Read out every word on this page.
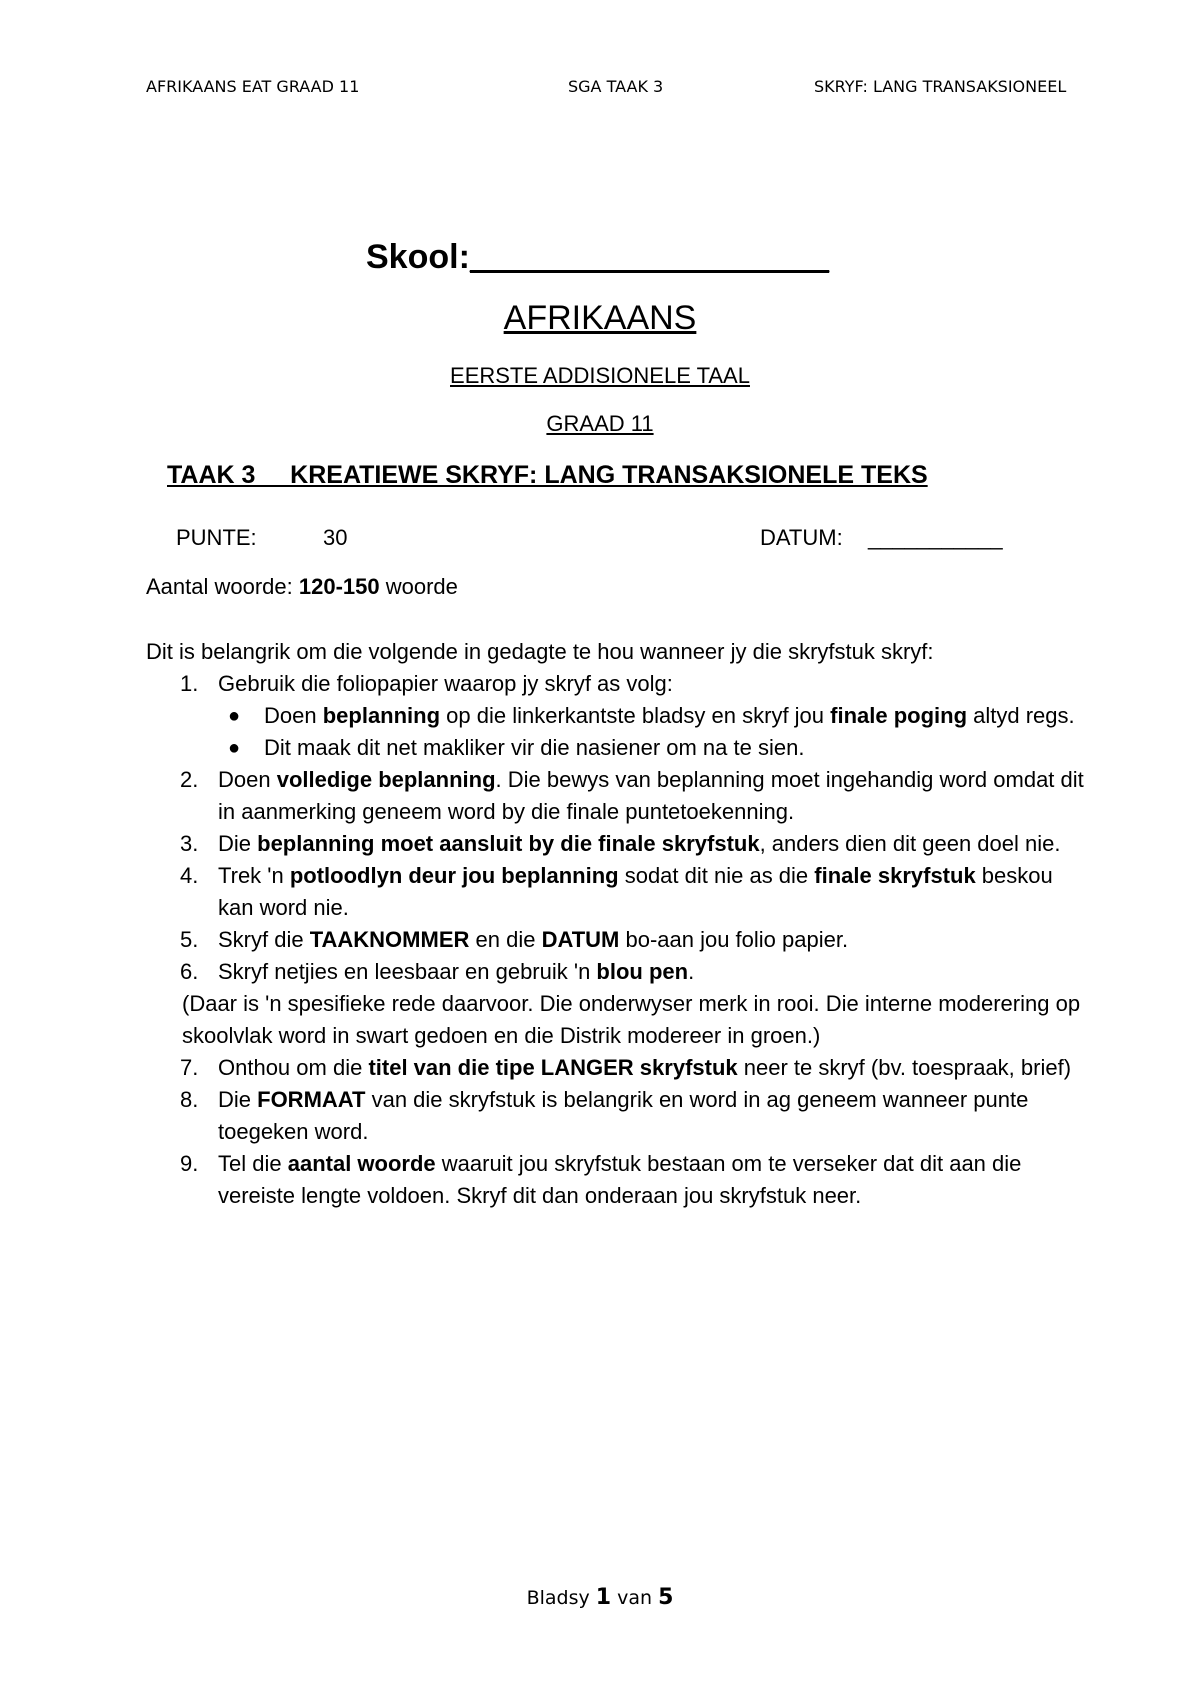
AFRIKAANS EAT GRAAD 11	SGA TAAK 3	SKRYF: LANG TRANSAKSIONEEL
Skool:___________________
AFRIKAANS
EERSTE ADDISIONELE TAAL
GRAAD 11
TAAK 3     KREATIEWE SKRYF: LANG TRANSAKSIONELE TEKS
PUNTE:	30	DATUM: ___________
Aantal woorde: 120-150 woorde

Dit is belangrik om die volgende in gedagte te hou wanneer jy die skryfstuk skryf:

1. Gebruik die foliopapier waarop jy skryf as volg:

● Doen beplanning op die linkerkantste bladsy en skryf jou finale poging altyd regs.

● Dit maak dit net makliker vir die nasiener om na te sien.

2. Doen volledige beplanning. Die bewys van beplanning moet ingehandig word omdat dit in aanmerking geneem word by die finale puntetoekenning.

3. Die beplanning moet aansluit by die finale skryfstuk, anders dien dit geen doel nie.

4. Trek 'n potloodlyn deur jou beplanning sodat dit nie as die finale skryfstuk beskou kan word nie.

5. Skryf die TAAKNOMMER en die DATUM bo-aan jou folio papier.

6. Skryf netjies en leesbaar en gebruik 'n blou pen.

(Daar is 'n spesifieke rede daarvoor. Die onderwyser merk in rooi. Die interne moderering op skoolvlak word in swart gedoen en die Distrik modereer in groen.)

7. Onthou om die titel van die tipe LANGER skryfstuk neer te skryf (bv. toespraak, brief)

8. Die FORMAAT van die skryfstuk is belangrik en word in ag geneem wanneer punte toegeken word.

9. Tel die aantal woorde waaruit jou skryfstuk bestaan om te verseker dat dit aan die vereiste lengte voldoen. Skryf dit dan onderaan jou skryfstuk neer.

Bladsy 1 van 5
